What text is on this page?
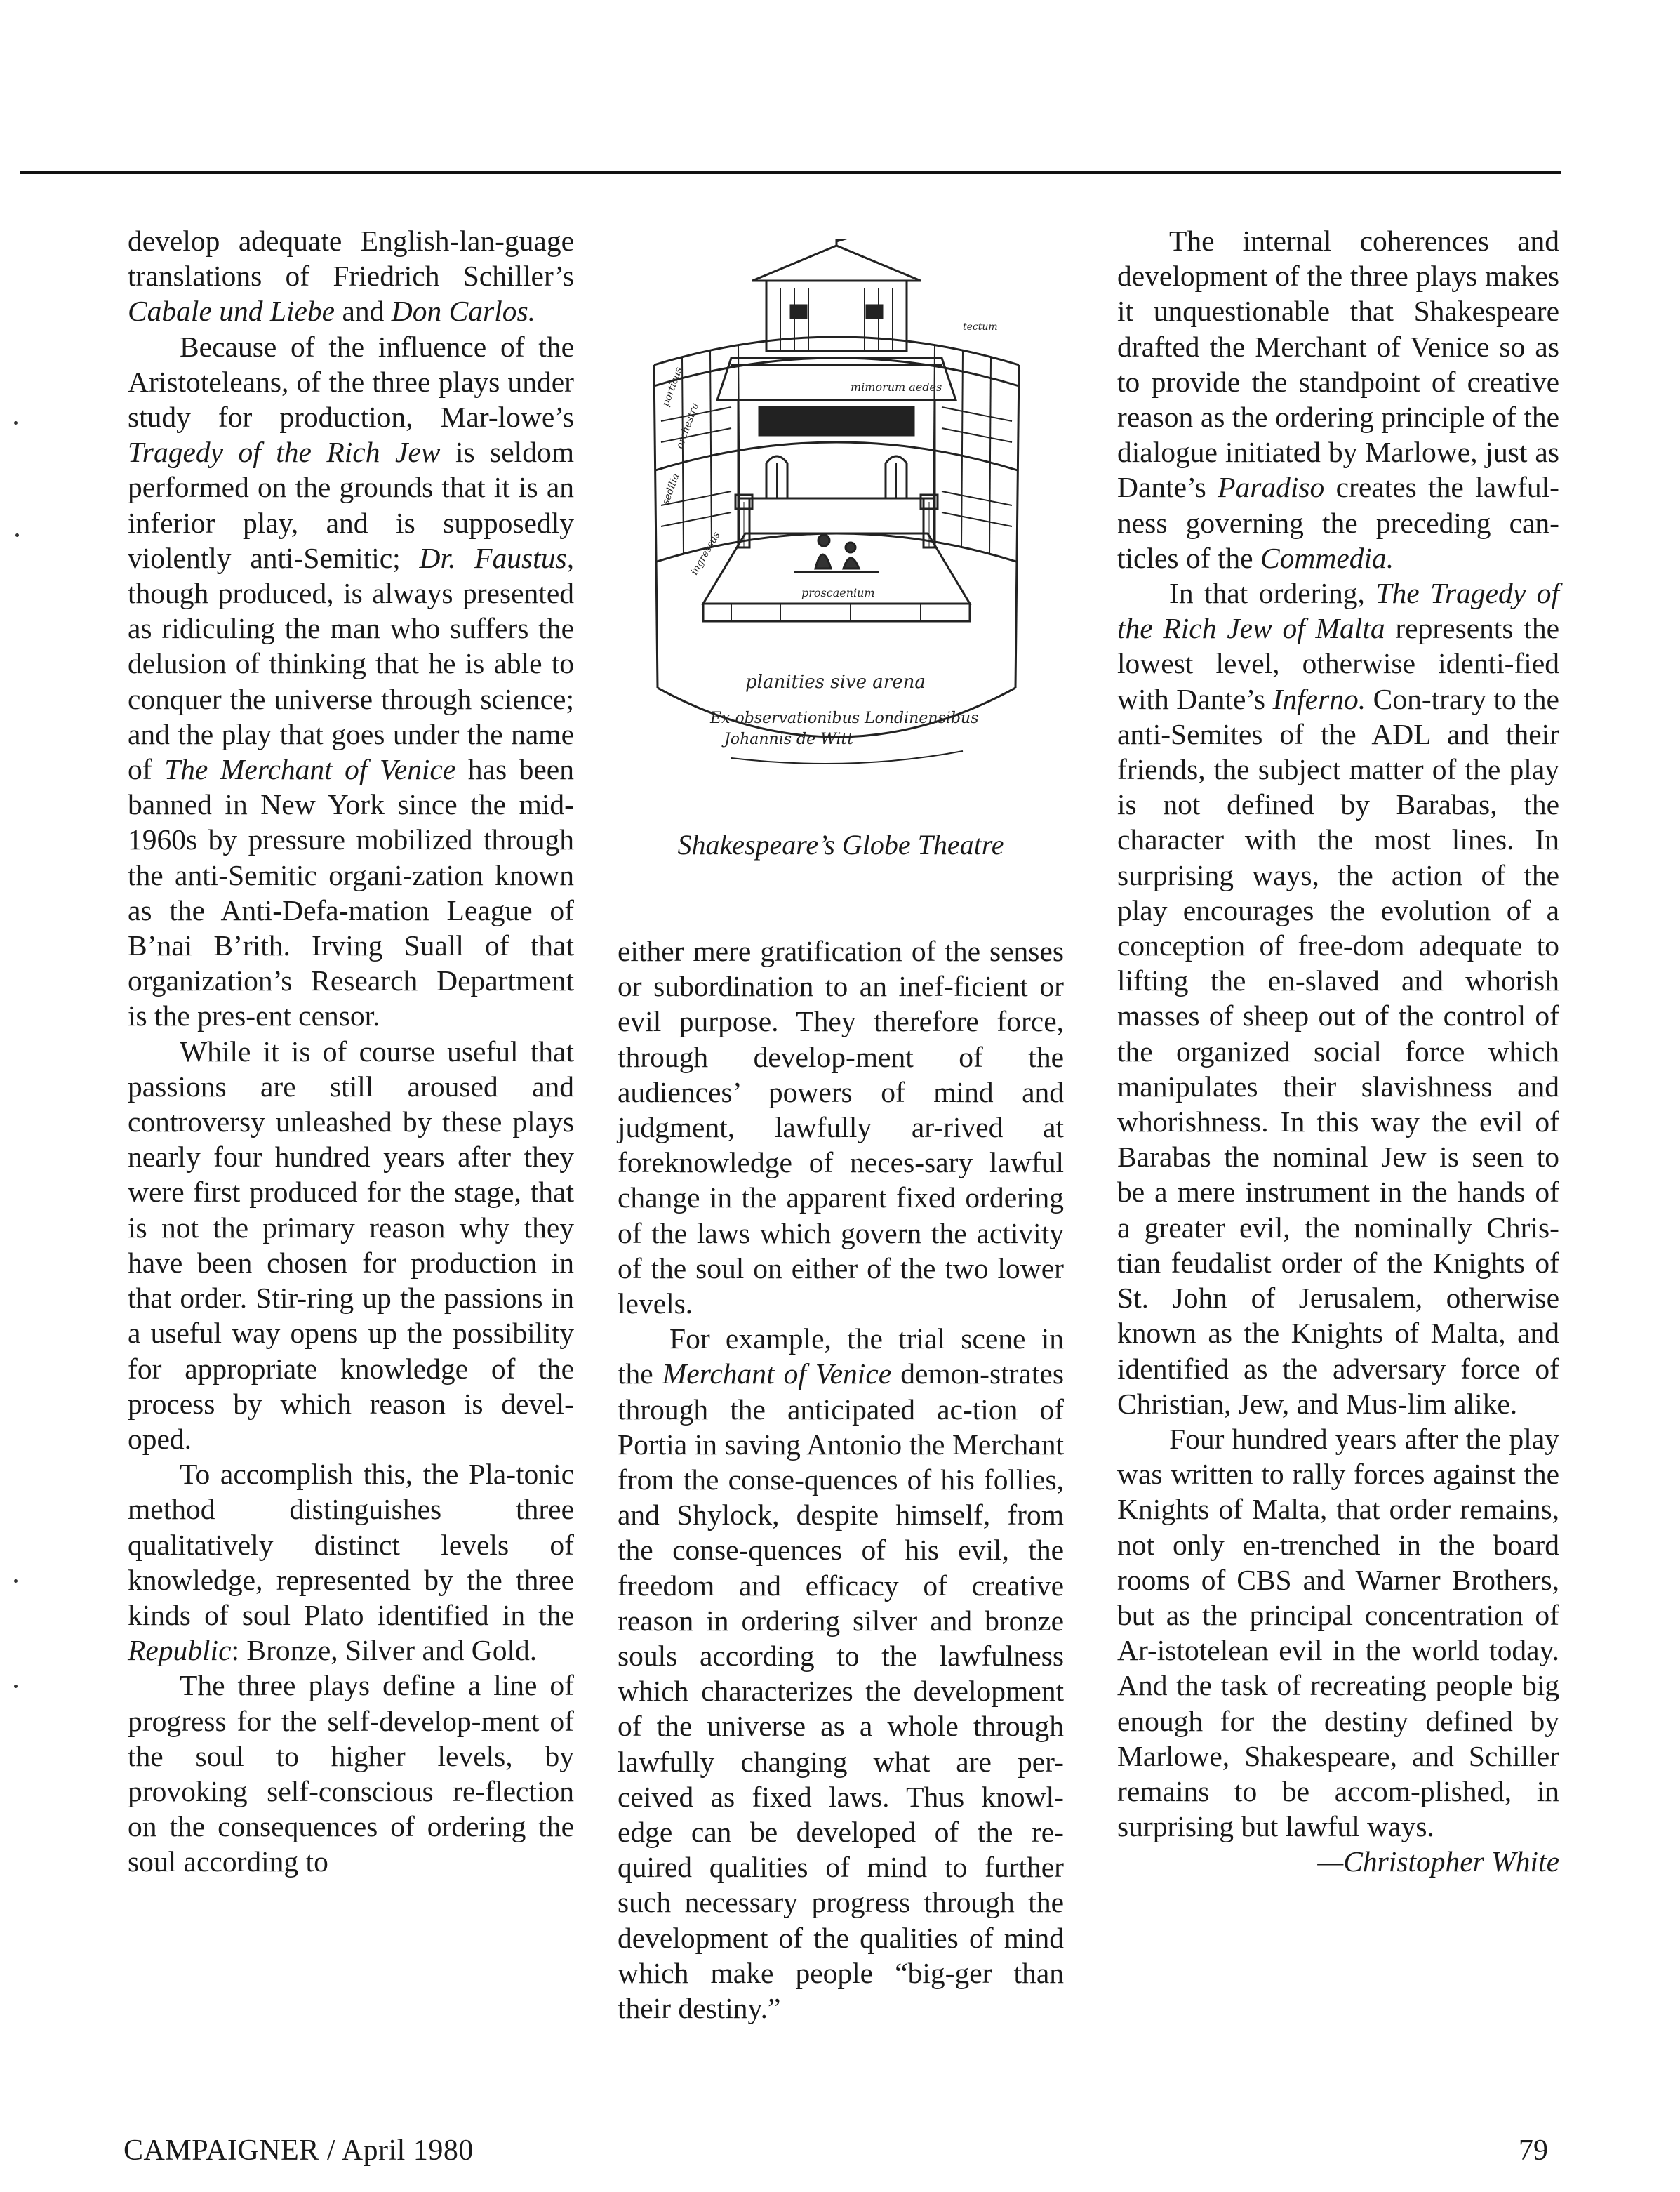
develop adequate English-lan-guage translations of Friedrich Schiller’s Cabale und Liebe and Don Carlos.

Because of the influence of the Aristoteleans, of the three plays under study for production, Mar-lowe’s Tragedy of the Rich Jew is seldom performed on the grounds that it is an inferior play, and is supposedly violently anti-Semitic; Dr. Faustus, though produced, is always presented as ridiculing the man who suffers the delusion of thinking that he is able to conquer the universe through science; and the play that goes under the name of The Merchant of Venice has been banned in New York since the mid-1960s by pressure mobilized through the anti-Semitic organi-zation known as the Anti-Defa-mation League of B’nai B’rith. Irving Suall of that organization’s Research Department is the pres-ent censor.

While it is of course useful that passions are still aroused and controversy unleashed by these plays nearly four hundred years after they were first produced for the stage, that is not the primary reason why they have been chosen for production in that order. Stir-ring up the passions in a useful way opens up the possibility for appropriate knowledge of the process by which reason is devel-oped.

To accomplish this, the Pla-tonic method distinguishes three qualitatively distinct levels of knowledge, represented by the three kinds of soul Plato identified in the Republic: Bronze, Silver and Gold.

The three plays define a line of progress for the self-develop-ment of the soul to higher levels, by provoking self-conscious re-flection on the consequences of ordering the soul according to

mimorum aedes
proscaenium
porticus
sedilia
ingressus
orchestra
tectum
planities sive arena
Ex observationibus Londinensibus
Johannis de Witt
Shakespeare’s Globe Theatre

either mere gratification of the senses or subordination to an inef-ficient or evil purpose. They therefore force, through develop-ment of the audiences’ powers of mind and judgment, lawfully ar-rived at foreknowledge of neces-sary lawful change in the apparent fixed ordering of the laws which govern the activity of the soul on either of the two lower levels.

For example, the trial scene in the Merchant of Venice demon-strates through the anticipated ac-tion of Portia in saving Antonio the Merchant from the conse-quences of his follies, and Shylock, despite himself, from the conse-quences of his evil, the freedom and efficacy of creative reason in ordering silver and bronze souls according to the lawfulness which characterizes the development of the universe as a whole through lawfully changing what are per-ceived as fixed laws. Thus knowl-edge can be developed of the re-quired qualities of mind to further such necessary progress through the development of the qualities of mind which make people “big-ger than their destiny.”

The internal coherences and development of the three plays makes it unquestionable that Shakespeare drafted the Merchant of Venice so as to provide the standpoint of creative reason as the ordering principle of the dialogue initiated by Marlowe, just as Dante’s Paradiso creates the lawful-ness governing the preceding can-ticles of the Commedia.

In that ordering, The Tragedy of the Rich Jew of Malta represents the lowest level, otherwise identi-fied with Dante’s Inferno. Con-trary to the anti-Semites of the ADL and their friends, the subject matter of the play is not defined by Barabas, the character with the most lines. In surprising ways, the action of the play encourages the evolution of a conception of free-dom adequate to lifting the en-slaved and whorish masses of sheep out of the control of the organized social force which manipulates their slavishness and whorishness. In this way the evil of Barabas the nominal Jew is seen to be a mere instrument in the hands of a greater evil, the nominally Chris-tian feudalist order of the Knights of St. John of Jerusalem, otherwise known as the Knights of Malta, and identified as the adversary force of Christian, Jew, and Mus-lim alike.

Four hundred years after the play was written to rally forces against the Knights of Malta, that order remains, not only en-trenched in the board rooms of CBS and Warner Brothers, but as the principal concentration of Ar-istotelean evil in the world today. And the task of recreating people big enough for the destiny defined by Marlowe, Shakespeare, and Schiller remains to be accom-plished, in surprising but lawful ways.

—Christopher White

CAMPAIGNER / April 1980	79
